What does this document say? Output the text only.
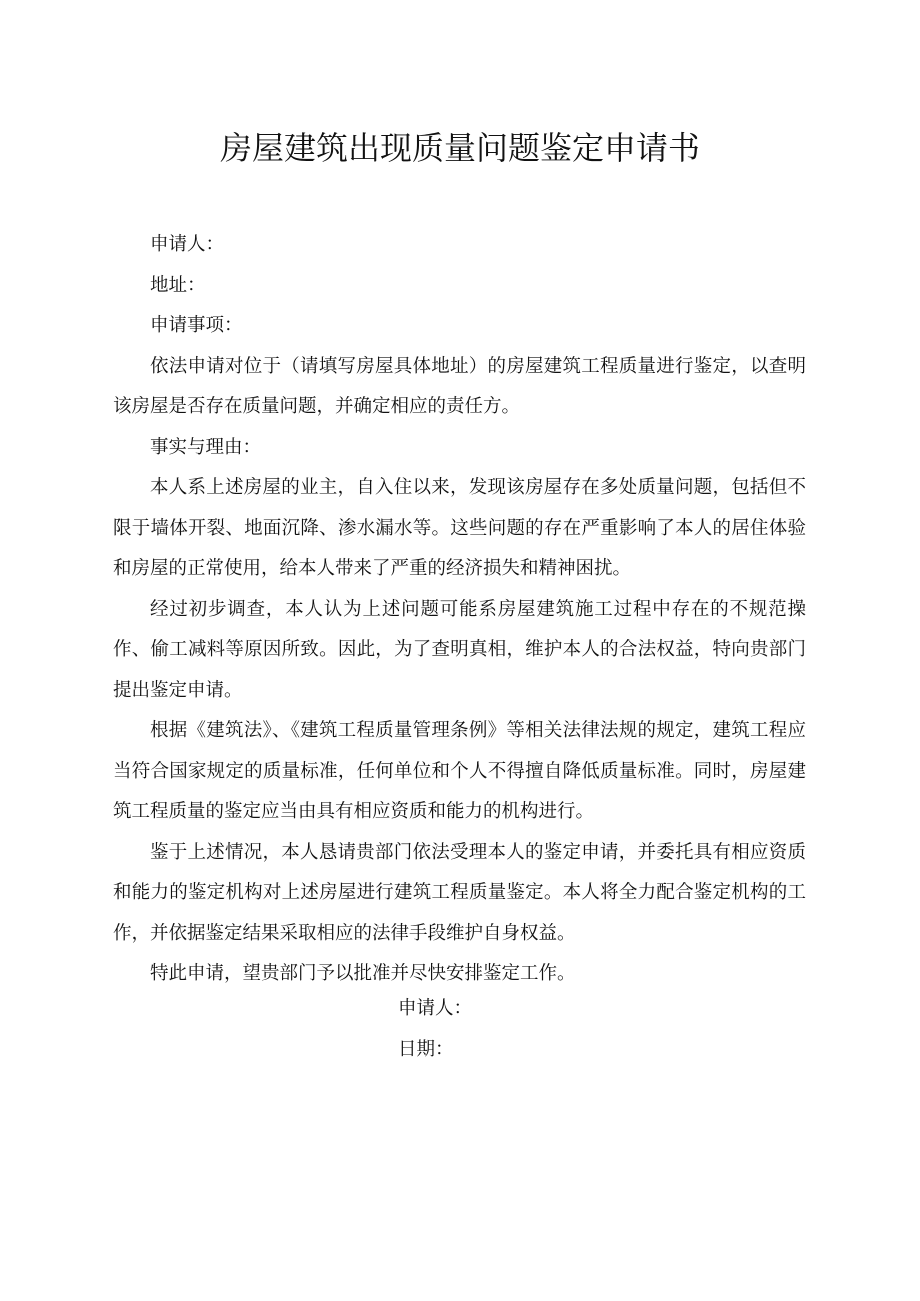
房屋建筑出现质量问题鉴定申请书

申请人：

地址：

申请事项：

依法申请对位于（请填写房屋具体地址）的房屋建筑工程质量进行鉴定，以查明该房屋是否存在质量问题，并确定相应的责任方。

事实与理由：

本人系上述房屋的业主，自入住以来，发现该房屋存在多处质量问题，包括但不限于墙体开裂、地面沉降、渗水漏水等。这些问题的存在严重影响了本人的居住体验和房屋的正常使用，给本人带来了严重的经济损失和精神困扰。

经过初步调查，本人认为上述问题可能系房屋建筑施工过程中存在的不规范操作、偷工减料等原因所致。因此，为了查明真相，维护本人的合法权益，特向贵部门提出鉴定申请。

根据《建筑法》、《建筑工程质量管理条例》等相关法律法规的规定，建筑工程应当符合国家规定的质量标准，任何单位和个人不得擅自降低质量标准。同时，房屋建筑工程质量的鉴定应当由具有相应资质和能力的机构进行。

鉴于上述情况，本人恳请贵部门依法受理本人的鉴定申请，并委托具有相应资质和能力的鉴定机构对上述房屋进行建筑工程质量鉴定。本人将全力配合鉴定机构的工作，并依据鉴定结果采取相应的法律手段维护自身权益。

特此申请，望贵部门予以批准并尽快安排鉴定工作。

申请人：
日期：
